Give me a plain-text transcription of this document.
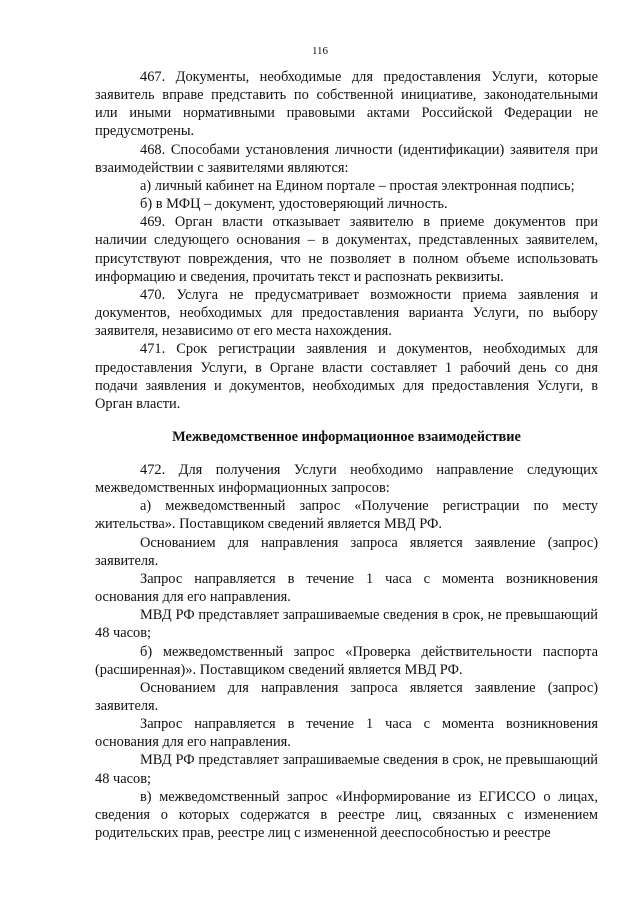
116

467. Документы, необходимые для предоставления Услуги, которые заявитель вправе представить по собственной инициативе, законодательными или иными нормативными правовыми актами Российской Федерации не предусмотрены.

468. Способами установления личности (идентификации) заявителя при взаимодействии с заявителями являются:

а) личный кабинет на Едином портале – простая электронная подпись;

б) в МФЦ – документ, удостоверяющий личность.

469. Орган власти отказывает заявителю в приеме документов при наличии следующего основания – в документах, представленных заявителем, присутствуют повреждения, что не позволяет в полном объеме использовать информацию и сведения, прочитать текст и распознать реквизиты.

470. Услуга не предусматривает возможности приема заявления и документов, необходимых для предоставления варианта Услуги, по выбору заявителя, независимо от его места нахождения.

471. Срок регистрации заявления и документов, необходимых для предоставления Услуги, в Органе власти составляет 1 рабочий день со дня подачи заявления и документов, необходимых для предоставления Услуги, в Орган власти.

Межведомственное информационное взаимодействие

472. Для получения Услуги необходимо направление следующих межведомственных информационных запросов:

а) межведомственный запрос «Получение регистрации по месту жительства». Поставщиком сведений является МВД РФ.

Основанием для направления запроса является заявление (запрос) заявителя.

Запрос направляется в течение 1 часа с момента возникновения основания для его направления.

МВД РФ представляет запрашиваемые сведения в срок, не превышающий 48 часов;

б) межведомственный запрос «Проверка действительности паспорта (расширенная)». Поставщиком сведений является МВД РФ.

Основанием для направления запроса является заявление (запрос) заявителя.

Запрос направляется в течение 1 часа с момента возникновения основания для его направления.

МВД РФ представляет запрашиваемые сведения в срок, не превышающий 48 часов;

в) межведомственный запрос «Информирование из ЕГИССО о лицах, сведения о которых содержатся в реестре лиц, связанных с изменением родительских прав, реестре лиц с измененной дееспособностью и реестре
